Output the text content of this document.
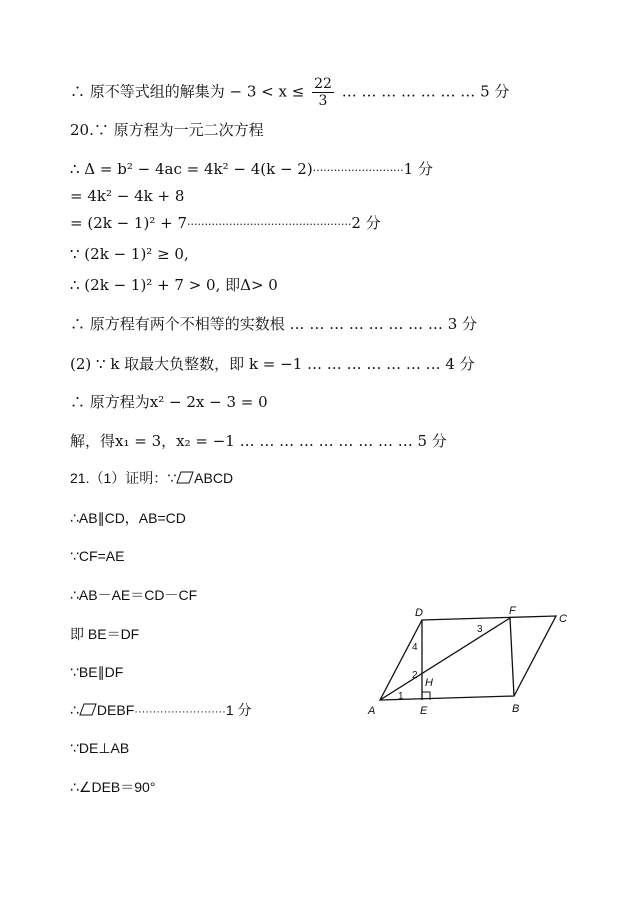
∴ 原不等式组的解集为 − $3 < x \le \frac{22}{3}$ … … … … … … … 5 分
20.∵ 原方程为一元二次方程
∴ Δ = b² − 4ac = 4k² − 4(k − 2)··························1 分
= 4k² − 4k + 8
= (2k − 1)² + 7···············································2 分
∵ (2k − 1)² ≥ 0,
∴ (2k − 1)² + 7 > 0, 即Δ> 0
∴ 原方程有两个不相等的实数根 … … … … … … … … 3 分
(2) ∵ k 取最大负整数，即 k = −1 … … … … … … … 4 分
∴ 原方程为x² − 2x − 3 = 0
解，得x₁ = 3，x₂ = −1 … … … … … … … … … 5 分
21.（1）证明：∵ ABCD
∴AB∥CD，AB=CD
∵CF=AE
∴AB－AE＝CD－CF
即 BE＝DF
∵BE∥DF
∴ DEBF·························1 分
∵DE⊥AB
∴∠DEB＝90°
A	B
C
D
E
F
H
1
2
3
4
